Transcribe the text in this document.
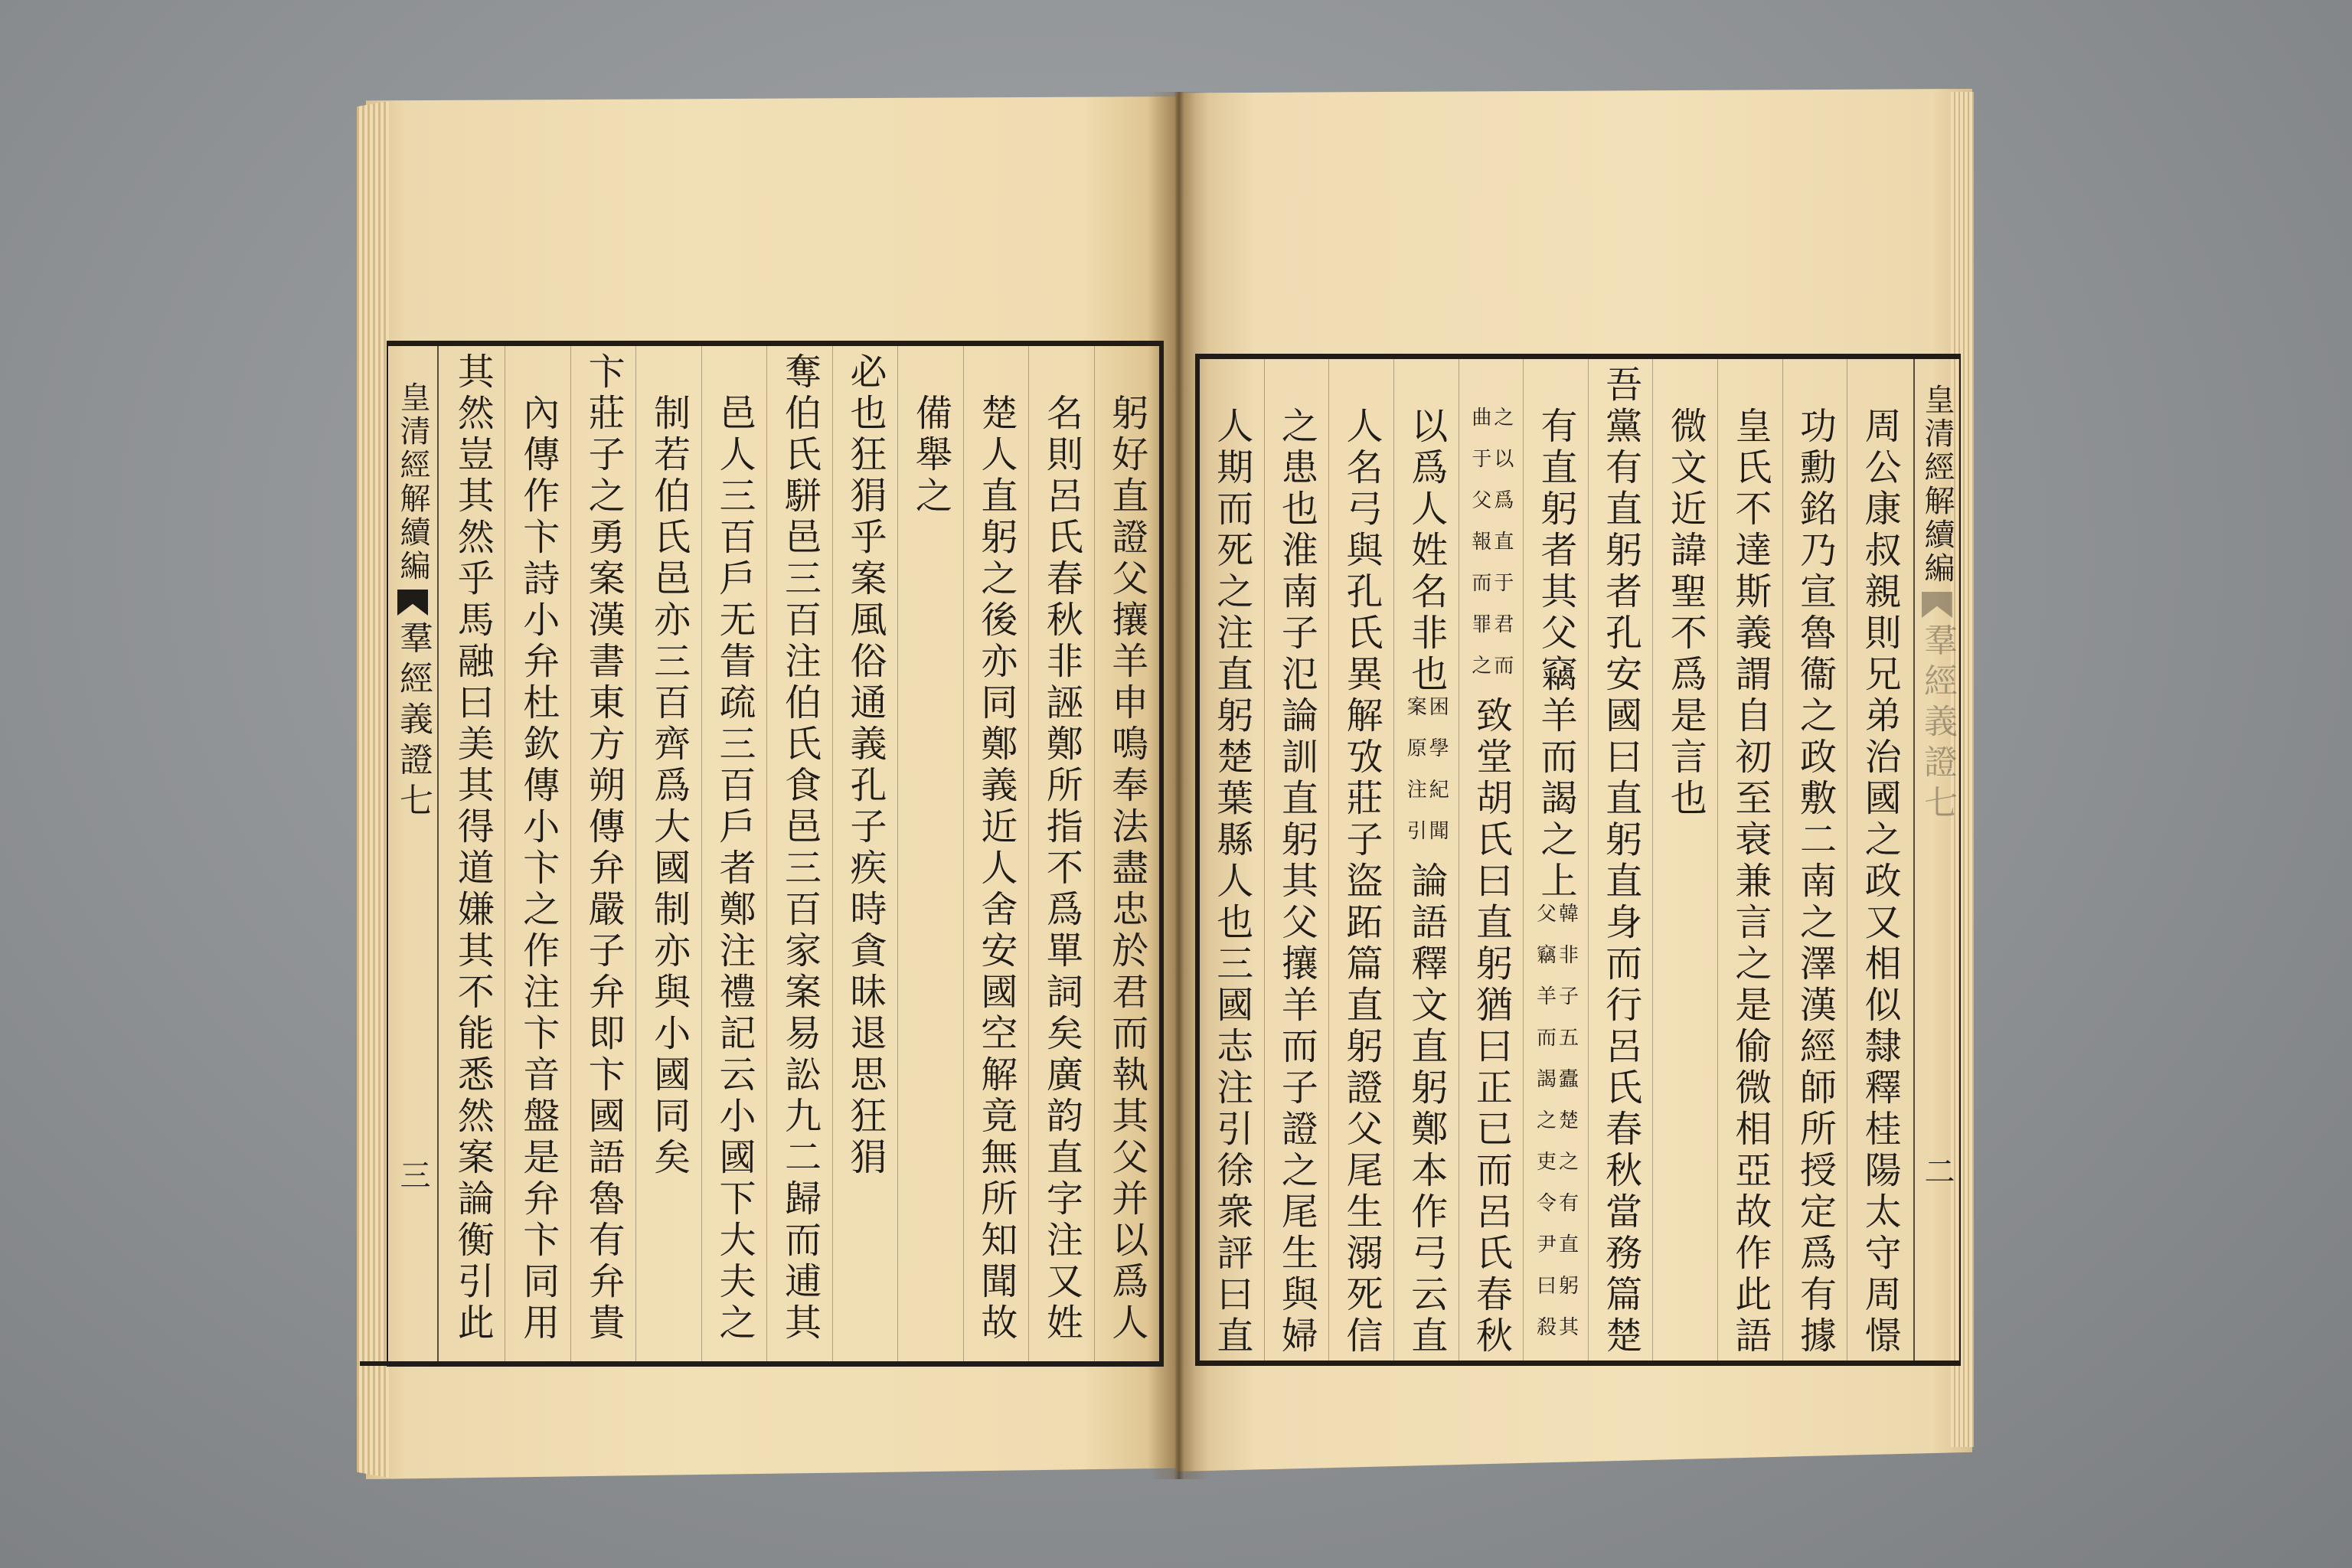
皇清經解續編
羣經義證七
三	躬好直證父攘羊申鳴奉法盡忠於君而執其父并以爲人
名則呂氏春秋非誣鄭所指不爲單詞矣廣韵直字注又姓
楚人直躬之後亦同鄭義近人舍安國空解竟無所知聞故
備舉之
必也狂狷乎案風俗通義孔子疾時貪昧退思狂狷
奪伯氏駢邑三百注伯氏食邑三百家案易訟九二歸而逋其
邑人三百戶无眚疏三百戶者鄭注禮記云小國下大夫之
制若伯氏邑亦三百齊爲大國制亦與小國同矣
卞莊子之勇案漢書東方朔傳弁嚴子弁即卞國語魯有弁貴
內傳作卞詩小弁杜欽傳小卞之作注卞音盤是弁卞同用
其然豈其然乎馬融曰美其得道嫌其不能悉然案論衡引此	皇清經解續編
羣經義證七
二
周公康叔親則兄弟治國之政又相似隸釋桂陽太守周憬
功勳銘乃宣魯衞之政敷二南之澤漢經師所授定爲有據
皇氏不達斯義謂自初至衰兼言之是偷微相亞故作此語
微文近諱聖不爲是言也
吾黨有直躬者孔安國曰直躬直身而行呂氏春秋當務篇楚
有直躬者其父竊羊而謁之上
韓非子五蠹楚之有直躬其
父竊羊而謁之吏令尹曰殺
之以爲直于君而
曲于父報而罪之
致堂胡氏曰直躬猶曰正已而呂氏春秋
以爲人姓名非也
困學紀聞
案原注引
論語釋文直躬鄭本作弓云直
人名弓與孔氏異解攷莊子盜跖篇直躬證父尾生溺死信
之患也淮南子氾論訓直躬其父攘羊而子證之尾生與婦
人期而死之注直躬楚葉縣人也三國志注引徐衆評曰直
